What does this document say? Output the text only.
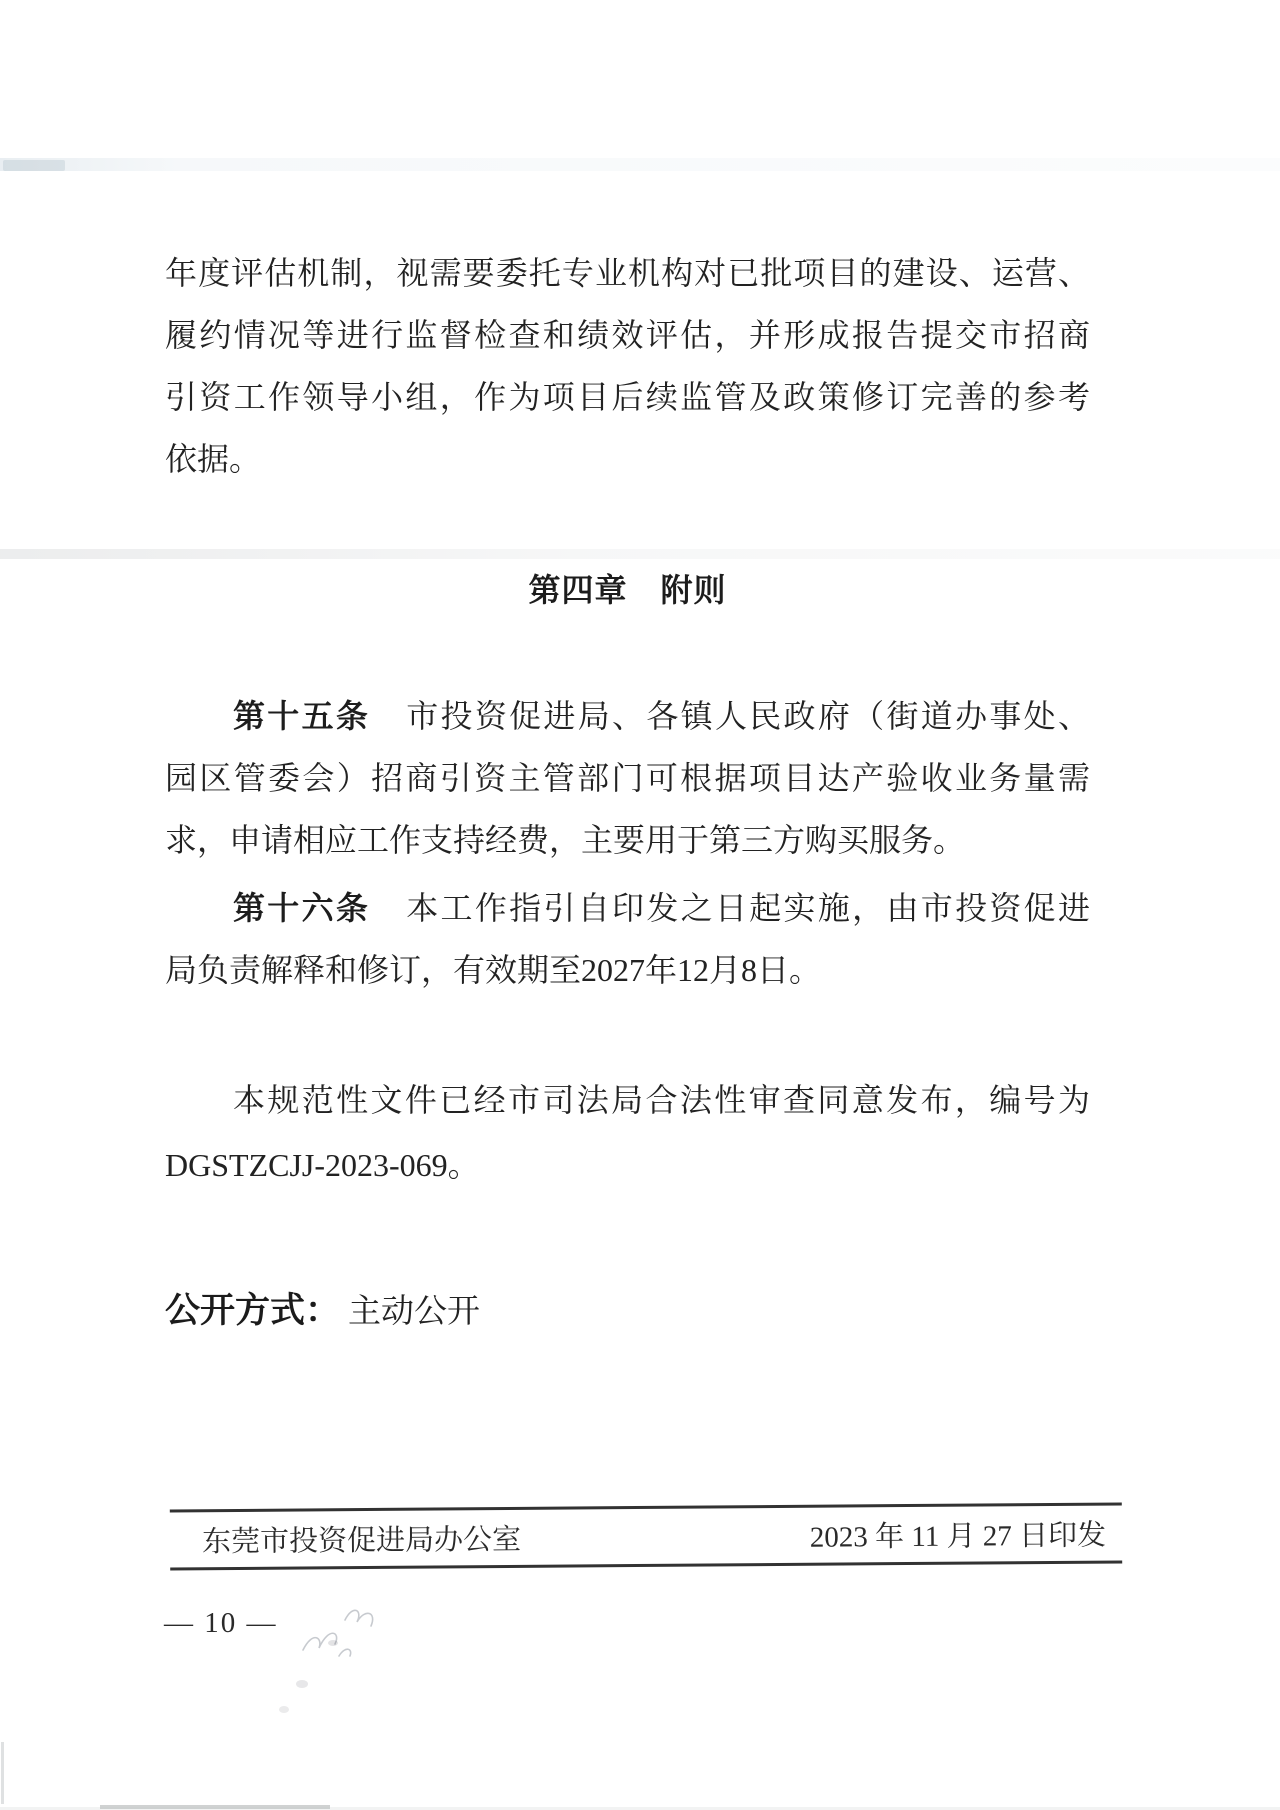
年度评估机制，视需要委托专业机构对已批项目的建设、运营、
履约情况等进行监督检查和绩效评估，并形成报告提交市招商
引资工作领导小组，作为项目后续监管及政策修订完善的参考
依据。
第四章　附则
第十五条 市投资促进局、各镇人民政府（街道办事处、
园区管委会）招商引资主管部门可根据项目达产验收业务量需
求，申请相应工作支持经费，主要用于第三方购买服务。
第十六条 本工作指引自印发之日起实施，由市投资促进
局负责解释和修订，有效期至2027年12月8日。
本规范性文件已经市司法局合法性审查同意发布，编号为
DGSTZCJJ-2023-069。
公开方式： 主动公开
东莞市投资促进局办公室	2023 年 11 月 27 日印发
— 10 —
